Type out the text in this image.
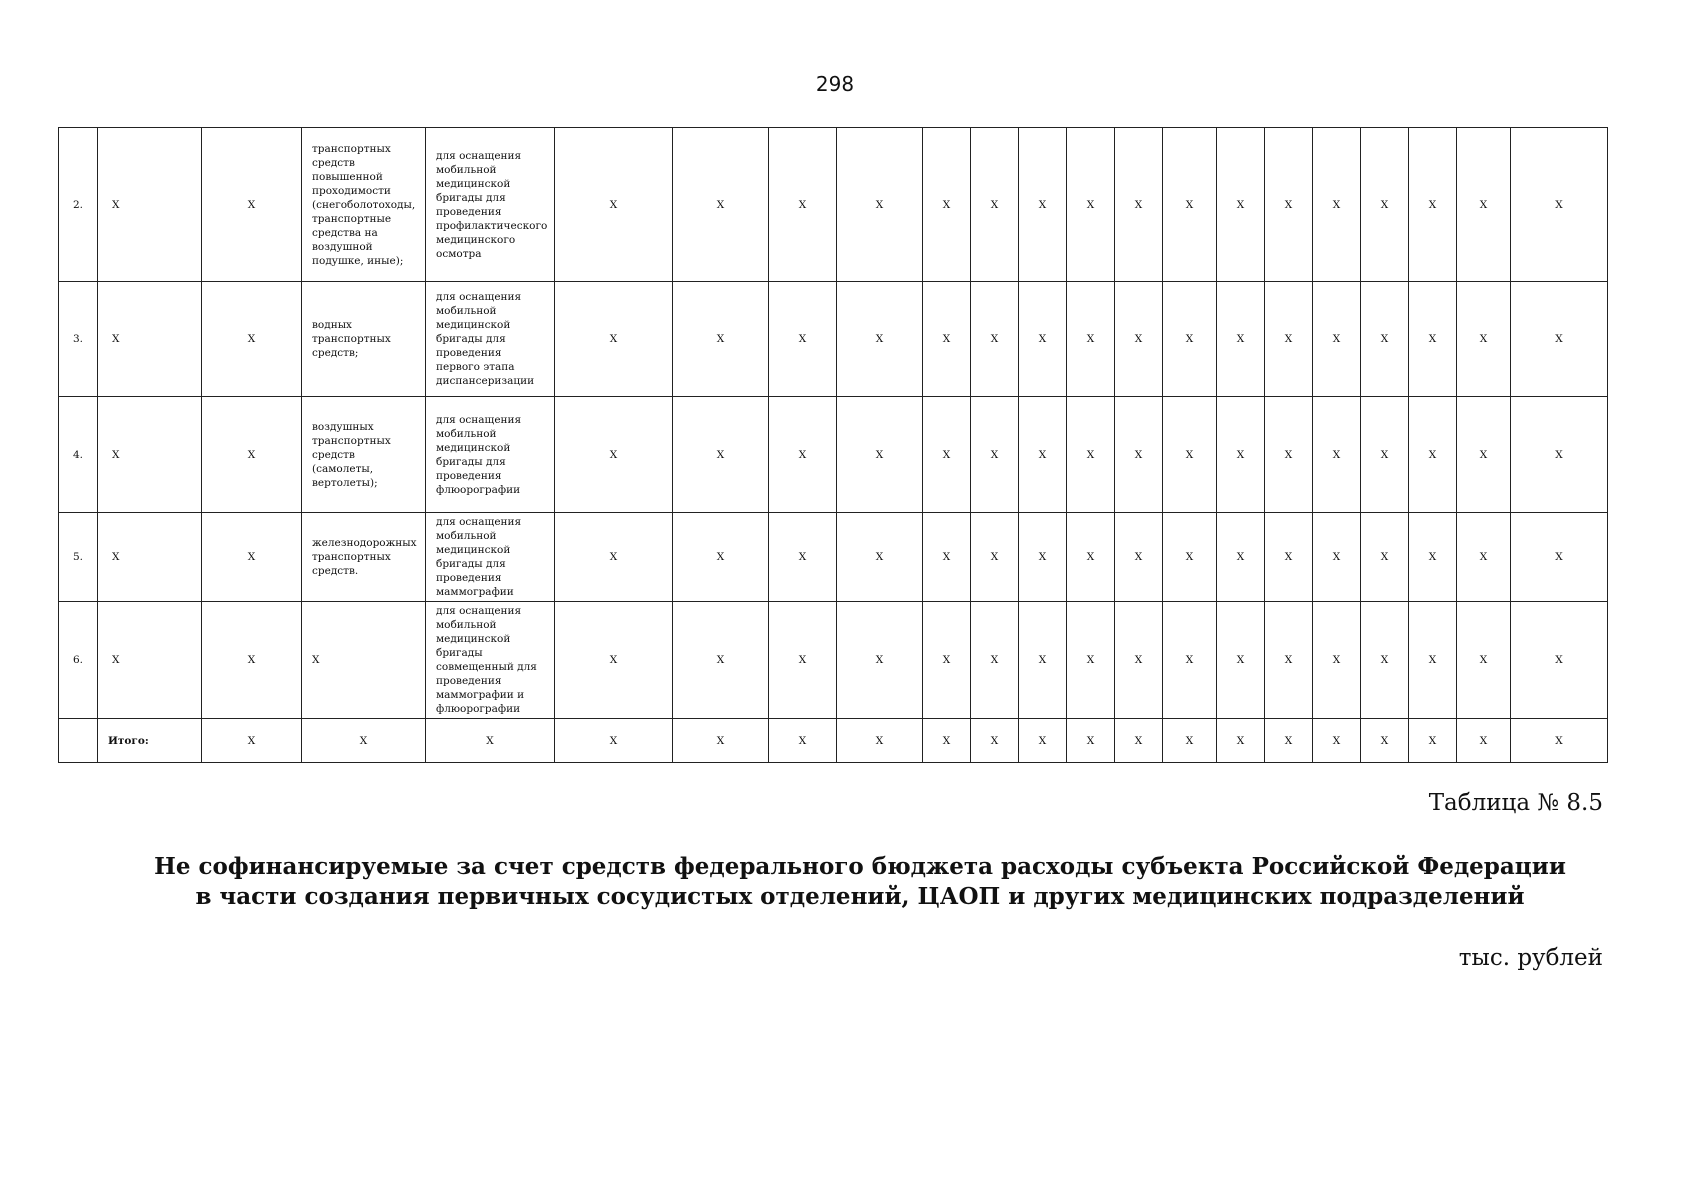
298
2.	Х	Х	транспортных средств повышенной проходимости (снегоболотоходы, транспортные средства на воздушной подушке, иные);	для оснащения мобильной медицинской бригады для проведения профилактического медицинского осмотра	Х	Х	Х	Х	Х	Х	Х	Х	Х	Х	Х	Х	Х	Х	Х	Х	Х
3.	Х	Х	водных транспортных средств;	для оснащения мобильной медицинской бригады для проведения первого этапа диспансеризации	Х	Х	Х	Х	Х	Х	Х	Х	Х	Х	Х	Х	Х	Х	Х	Х	Х
4.	Х	Х	воздушных транспортных средств (самолеты, вертолеты);	для оснащения мобильной медицинской бригады для проведения флюорографии	Х	Х	Х	Х	Х	Х	Х	Х	Х	Х	Х	Х	Х	Х	Х	Х	Х
5.	Х	Х	железнодорожных транспортных средств.	для оснащения мобильной медицинской бригады для проведения маммографии	Х	Х	Х	Х	Х	Х	Х	Х	Х	Х	Х	Х	Х	Х	Х	Х	Х
6.	Х	Х	Х	для оснащения мобильной медицинской бригады совмещенный для проведения маммографии и флюорографии	Х	Х	Х	Х	Х	Х	Х	Х	Х	Х	Х	Х	Х	Х	Х	Х	Х
	Итого:	Х	Х	Х	Х	Х	Х	Х	Х	Х	Х	Х	Х	Х	Х	Х	Х	Х	Х	Х	Х
Таблица № 8.5
Не софинансируемые за счет средств федерального бюджета расходы субъекта Российской Федерации в части создания первичных сосудистых отделений, ЦАОП и других медицинских подразделений
тыс. рублей
